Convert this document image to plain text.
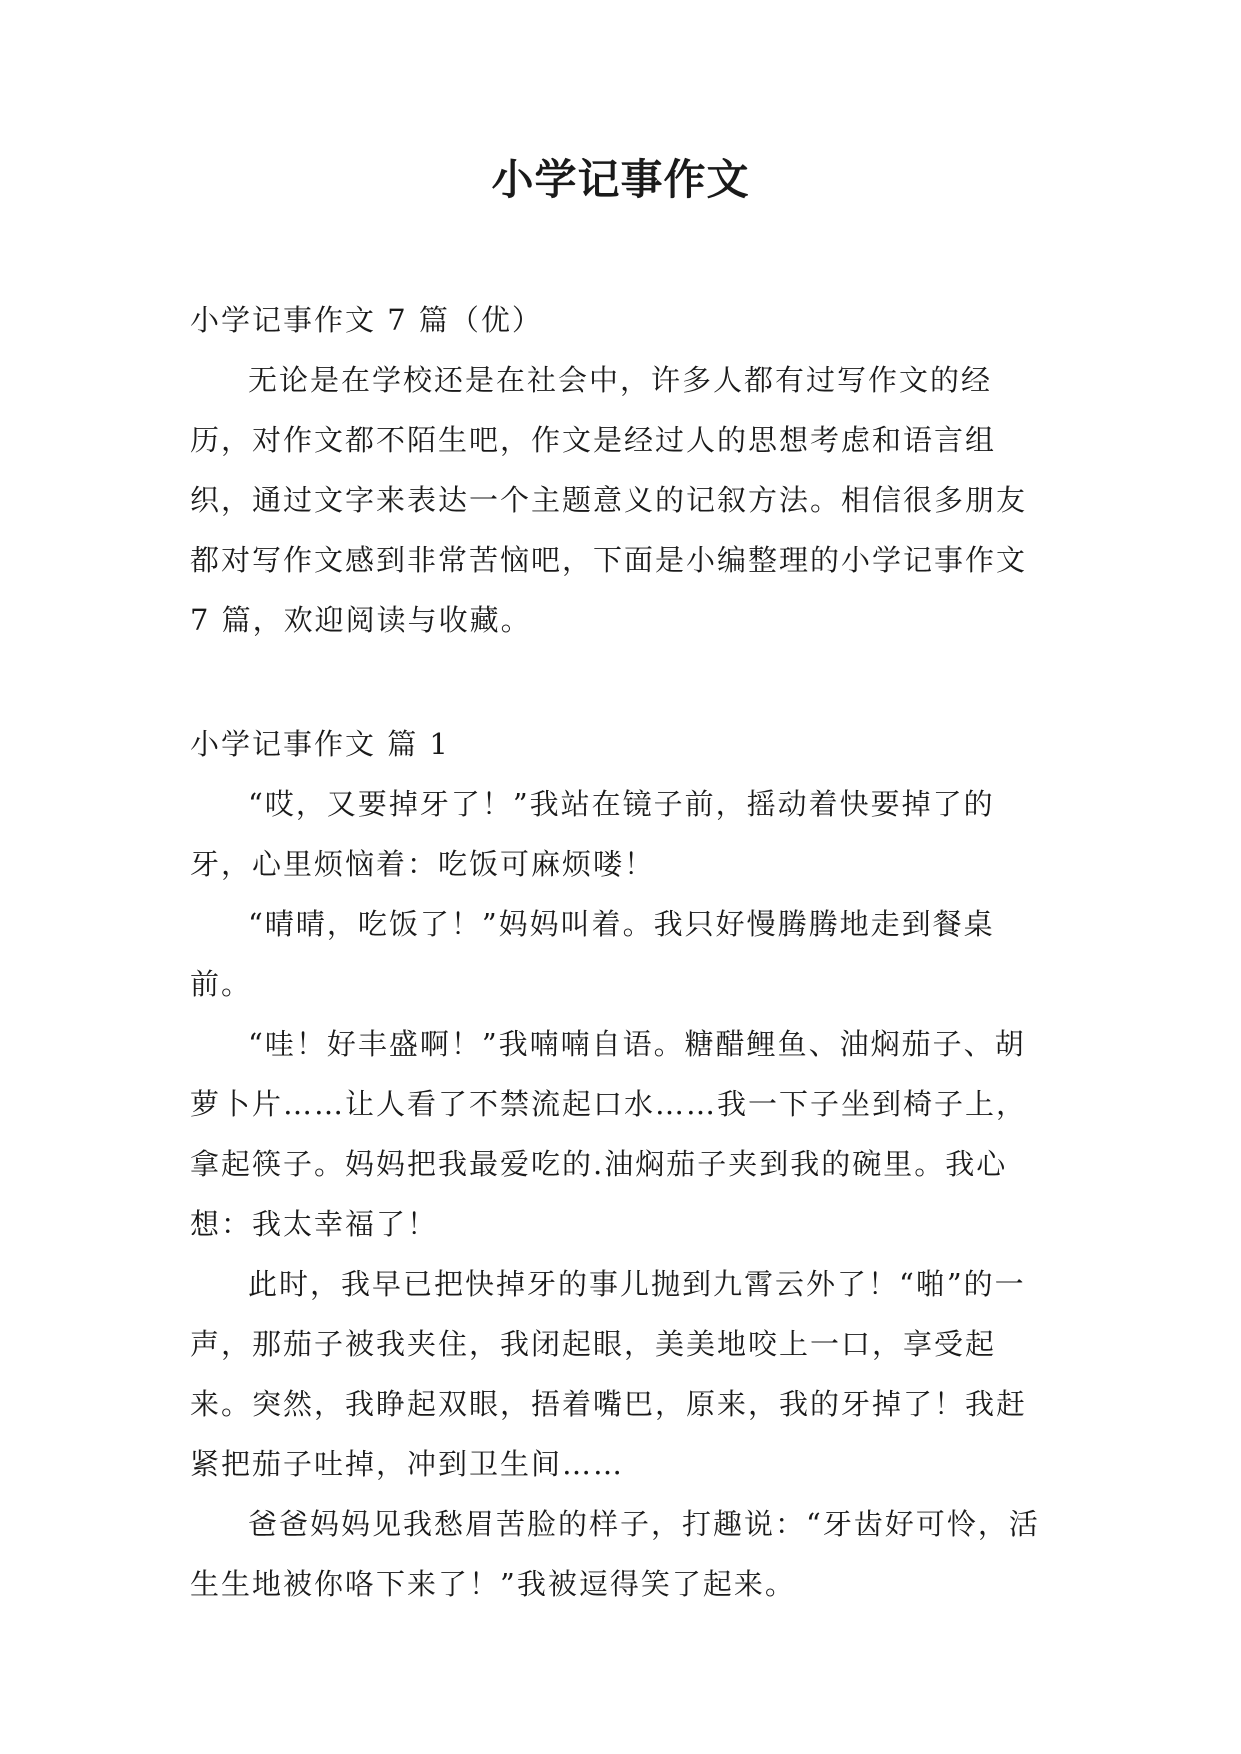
小学记事作文

小学记事作文 7 篇（优）

无论是在学校还是在社会中，许多人都有过写作文的经历，对作文都不陌生吧，作文是经过人的思想考虑和语言组织，通过文字来表达一个主题意义的记叙方法。相信很多朋友都对写作文感到非常苦恼吧，下面是小编整理的小学记事作文 7 篇，欢迎阅读与收藏。

小学记事作文 篇 1

“哎，又要掉牙了！”我站在镜子前，摇动着快要掉了的牙，心里烦恼着：吃饭可麻烦喽！

“晴晴，吃饭了！”妈妈叫着。我只好慢腾腾地走到餐桌前。

“哇！好丰盛啊！”我喃喃自语。糖醋鲤鱼、油焖茄子、胡萝卜片……让人看了不禁流起口水……我一下子坐到椅子上，拿起筷子。妈妈把我最爱吃的.油焖茄子夹到我的碗里。我心想：我太幸福了！

此时，我早已把快掉牙的事儿抛到九霄云外了！“啪”的一声，那茄子被我夹住，我闭起眼，美美地咬上一口，享受起来。突然，我睁起双眼，捂着嘴巴，原来，我的牙掉了！我赶紧把茄子吐掉，冲到卫生间……

爸爸妈妈见我愁眉苦脸的样子，打趣说：“牙齿好可怜，活生生地被你咯下来了！”我被逗得笑了起来。
